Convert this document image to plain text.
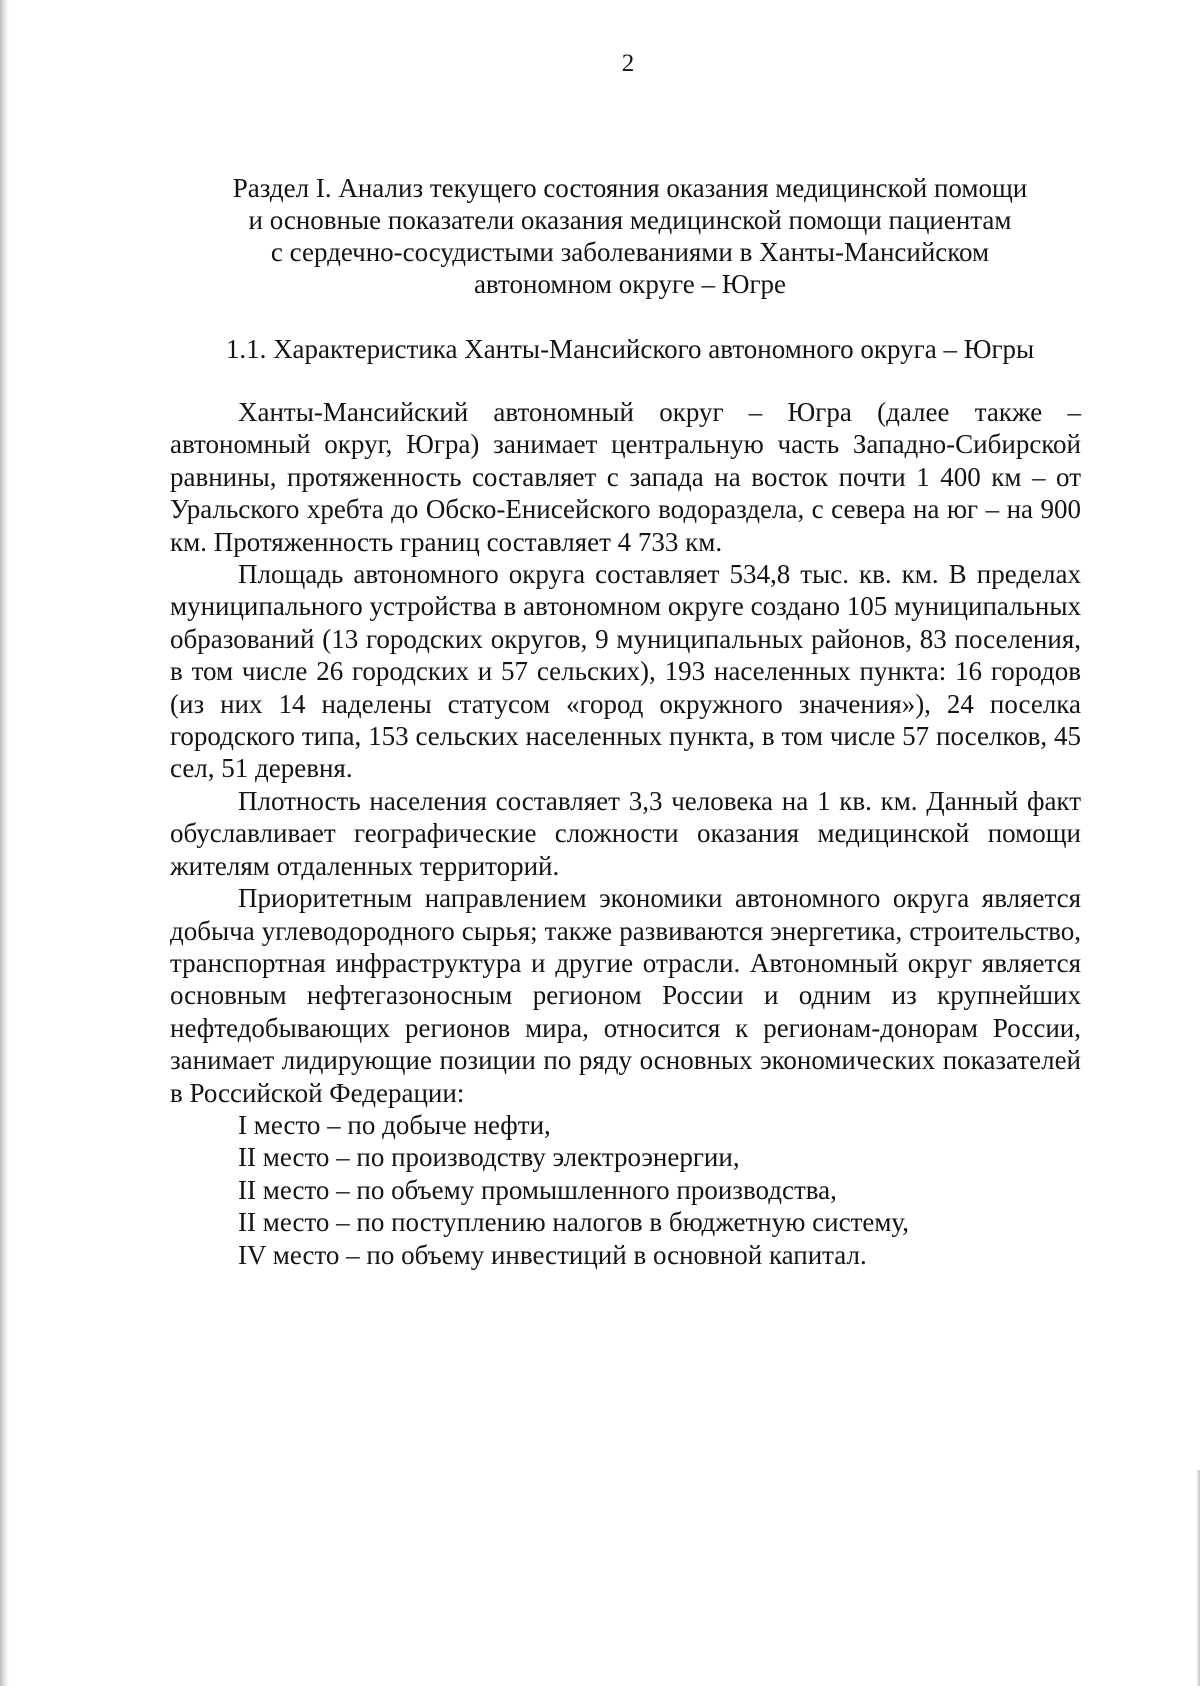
2
Раздел I. Анализ текущего состояния оказания медицинской помощи
и основные показатели оказания медицинской помощи пациентам
с сердечно-сосудистыми заболеваниями в Ханты-Мансийском
автономном округе – Югре
1.1. Характеристика Ханты-Мансийского автономного округа – Югры

Ханты-Мансийский автономный округ – Югра (далее также – автономный округ, Югра) занимает центральную часть Западно-Сибирской равнины, протяженность составляет с запада на восток почти 1 400 км – от Уральского хребта до Обско-Енисейского водораздела, с севера на юг – на 900 км. Протяженность границ составляет 4 733 км.

Площадь автономного округа составляет 534,8 тыс. кв. км. В пределах муниципального устройства в автономном округе создано 105 муниципальных образований (13 городских округов, 9 муниципальных районов, 83 поселения, в том числе 26 городских и 57 сельских), 193 населенных пункта: 16 городов (из них 14 наделены статусом «город окружного значения»), 24 поселка городского типа, 153 сельских населенных пункта, в том числе 57 поселков, 45 сел, 51 деревня.

Плотность населения составляет 3,3 человека на 1 кв. км. Данный факт обуславливает географические сложности оказания медицинской помощи жителям отдаленных территорий.

Приоритетным направлением экономики автономного округа является добыча углеводородного сырья; также развиваются энергетика, строительство, транспортная инфраструктура и другие отрасли. Автономный округ является основным нефтегазоносным регионом России и одним из крупнейших нефтедобывающих регионов мира, относится к регионам-донорам России, занимает лидирующие позиции по ряду основных экономических показателей в Российской Федерации:

I место – по добыче нефти,
II место – по производству электроэнергии,
II место – по объему промышленного производства,
II место – по поступлению налогов в бюджетную систему,
IV место – по объему инвестиций в основной капитал.
